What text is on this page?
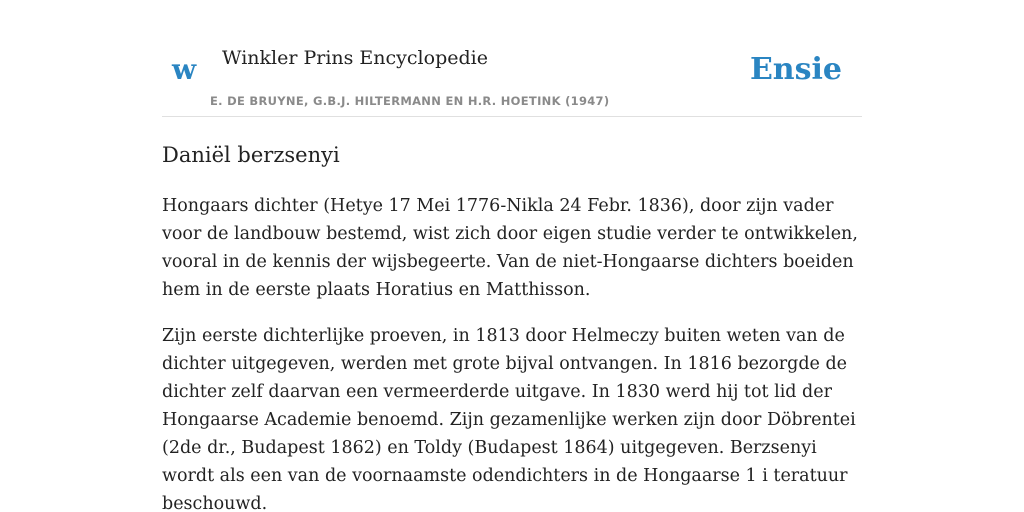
w Winkler Prins Encyclopedie
E. DE BRUYNE, G.B.J. HILTERMANN EN H.R. HOETINK (1947)
Ensie
Daniël berzsenyi

Hongaars dichter (Hetye 17 Mei 1776-Nikla 24 Febr. 1836), door zijn vader voor de landbouw bestemd, wist zich door eigen studie verder te ontwikkelen, vooral in de kennis der wijsbegeerte. Van de niet-Hongaarse dichters boeiden hem in de eerste plaats Horatius en Matthisson.

Zijn eerste dichterlijke proeven, in 1813 door Helmeczy buiten weten van de dichter uitgegeven, werden met grote bijval ontvangen. In 1816 bezorgde de dichter zelf daarvan een vermeerderde uitgave. In 1830 werd hij tot lid der Hongaarse Academie benoemd. Zijn gezamenlijke werken zijn door Döbrentei (2de dr., Budapest 1862) en Toldy (Budapest 1864) uitgegeven. Berzsenyi wordt als een van de voornaamste odendichters in de Hongaarse 1 i teratuur beschouwd.
